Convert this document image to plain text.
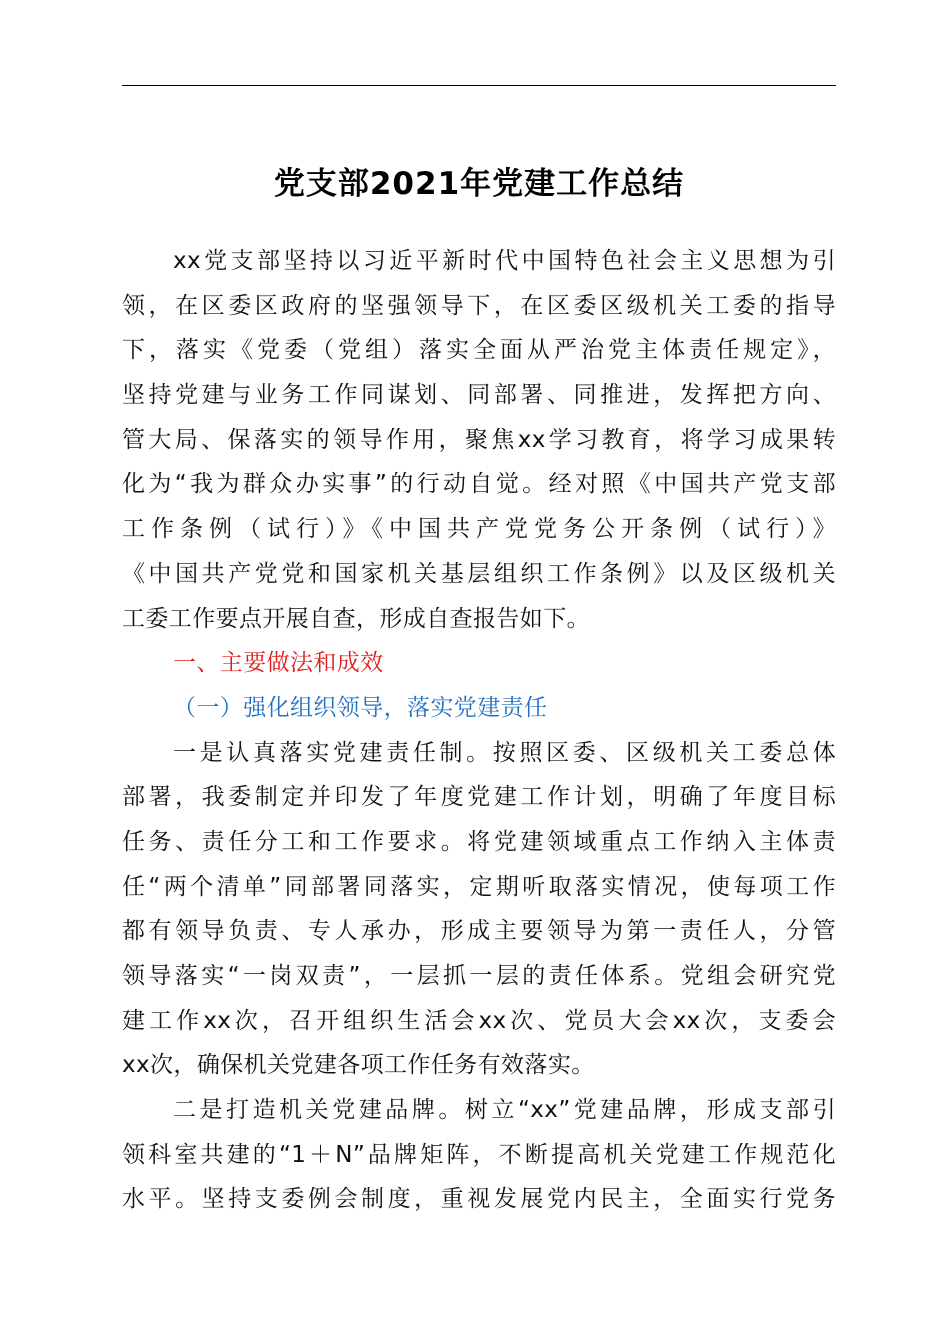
党支部2021年党建工作总结
xx党支部坚持以习近平新时代中国特色社会主义思想为引
领，在区委区政府的坚强领导下，在区委区级机关工委的指导
下，落实《党委（党组）落实全面从严治党主体责任规定》，
坚持党建与业务工作同谋划、同部署、同推进，发挥把方向、
管大局、保落实的领导作用，聚焦xx学习教育，将学习成果转
化为“我为群众办实事”的行动自觉。经对照《中国共产党支部
工作条例（试行）》《中国共产党党务公开条例（试行）》
《中国共产党党和国家机关基层组织工作条例》以及区级机关
工委工作要点开展自查，形成自查报告如下。
一、主要做法和成效
（一）强化组织领导，落实党建责任
一是认真落实党建责任制。按照区委、区级机关工委总体
部署，我委制定并印发了年度党建工作计划，明确了年度目标
任务、责任分工和工作要求。将党建领域重点工作纳入主体责
任“两个清单”同部署同落实，定期听取落实情况，使每项工作
都有领导负责、专人承办，形成主要领导为第一责任人，分管
领导落实“一岗双责”，一层抓一层的责任体系。党组会研究党
建工作xx次，召开组织生活会xx次、党员大会xx次，支委会
xx次，确保机关党建各项工作任务有效落实。
二是打造机关党建品牌。树立“xx”党建品牌，形成支部引
领科室共建的“1＋N”品牌矩阵，不断提高机关党建工作规范化
水平。坚持支委例会制度，重视发展党内民主，全面实行党务
